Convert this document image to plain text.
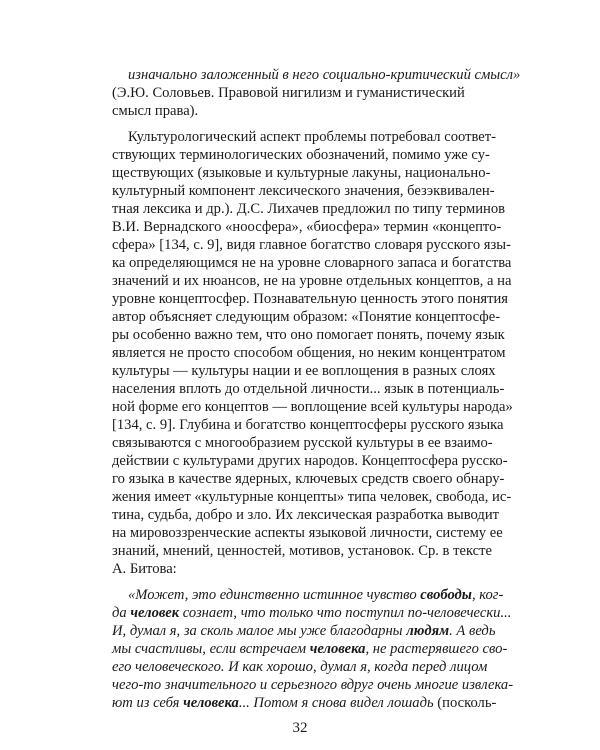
изначально заложенный в него социально-критический смысл»
(Э.Ю. Соловьев. Правовой нигилизм и гуманистический
смысл права).
Культурологический аспект проблемы потребовал соответ-
ствующих терминологических обозначений, помимо уже су-
ществующих (языковые и культурные лакуны, национально-
культурный компонент лексического значения, безэквивален-
тная лексика и др.). Д.С. Лихачев предложил по типу терминов
В.И. Вернадского «ноосфера», «биосфера» термин «концепто-
сфера» [134, с. 9], видя главное богатство словаря русского язы-
ка определяющимся не на уровне словарного запаса и богатства
значений и их нюансов, не на уровне отдельных концептов, а на
уровне концептосфер. Познавательную ценность этого понятия
автор объясняет следующим образом: «Понятие концептосфе-
ры особенно важно тем, что оно помогает понять, почему язык
является не просто способом общения, но неким концентратом
культуры — культуры нации и ее воплощения в разных слоях
населения вплоть до отдельной личности... язык в потенциаль-
ной форме его концептов — воплощение всей культуры народа»
[134, с. 9]. Глубина и богатство концептосферы русского языка
связываются с многообразием русской культуры в ее взаимо-
действии с культурами других народов. Концептосфера русско-
го языка в качестве ядерных, ключевых средств своего обнару-
жения имеет «культурные концепты» типа человек, свобода, ис-
тина, судьба, добро и зло. Их лексическая разработка выводит
на мировоззренческие аспекты языковой личности, систему ее
знаний, мнений, ценностей, мотивов, установок. Ср. в тексте
А. Битова:
«Может, это единственно истинное чувство свободы, ког-
да человек сознает, что только что поступил по-человечески...
И, думал я, за сколь малое мы уже благодарны людям. А ведь
мы счастливы, если встречаем человека, не растерявшего сво-
его человеческого. И как хорошо, думал я, когда перед лицом
чего-то значительного и серьезного вдруг очень многие извлека-
ют из себя человека... Потом я снова видел лошадь (посколь-
32
